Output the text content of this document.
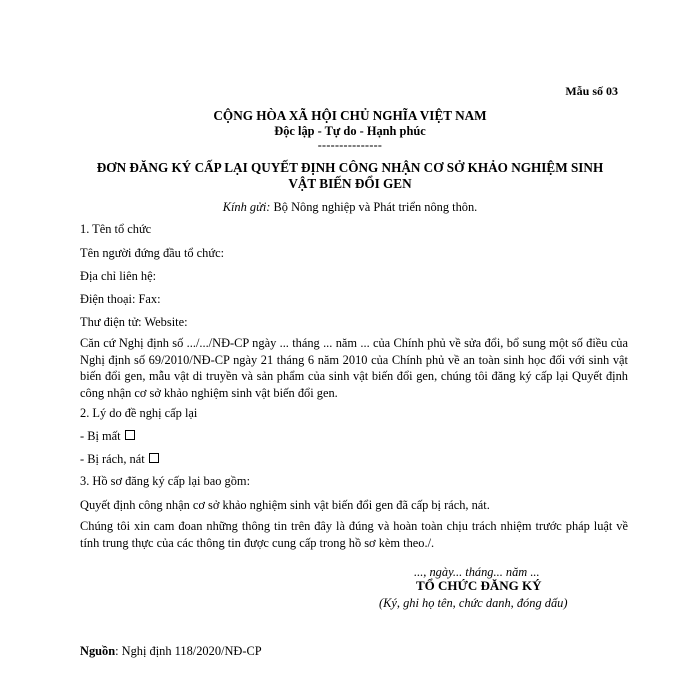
Mẫu số 03
CỘNG HÒA XÃ HỘI CHỦ NGHĨA VIỆT NAM
Độc lập - Tự do - Hạnh phúc
---------------
ĐƠN ĐĂNG KÝ CẤP LẠI QUYẾT ĐỊNH CÔNG NHẬN CƠ SỞ KHẢO NGHIỆM SINH
VẬT BIẾN ĐỔI GEN
Kính gửi: Bộ Nông nghiệp và Phát triển nông thôn.
1. Tên tổ chức
Tên người đứng đầu tổ chức:
Địa chỉ liên hệ:
Điện thoại: Fax:
Thư điện tử: Website:
Căn cứ Nghị định số .../.../NĐ-CP ngày ... tháng ... năm ... của Chính phủ về sửa đổi, bổ sung một số điều của Nghị định số 69/2010/NĐ-CP ngày 21 tháng 6 năm 2010 của Chính phủ về an toàn sinh học đối với sinh vật biến đổi gen, mẫu vật di truyền và sản phẩm của sinh vật biến đổi gen, chúng tôi đăng ký cấp lại Quyết định công nhận cơ sở khảo nghiệm sinh vật biến đổi gen.
2. Lý do đề nghị cấp lại
- Bị mất
- Bị rách, nát
3. Hồ sơ đăng ký cấp lại bao gồm:
Quyết định công nhận cơ sở khảo nghiệm sinh vật biến đổi gen đã cấp bị rách, nát.
Chúng tôi xin cam đoan những thông tin trên đây là đúng và hoàn toàn chịu trách nhiệm trước pháp luật về tính trung thực của các thông tin được cung cấp trong hồ sơ kèm theo./.
..., ngày... tháng... năm ...
TỔ CHỨC ĐĂNG KÝ
(Ký, ghi họ tên, chức danh, đóng dấu)
Nguồn: Nghị định 118/2020/NĐ-CP
